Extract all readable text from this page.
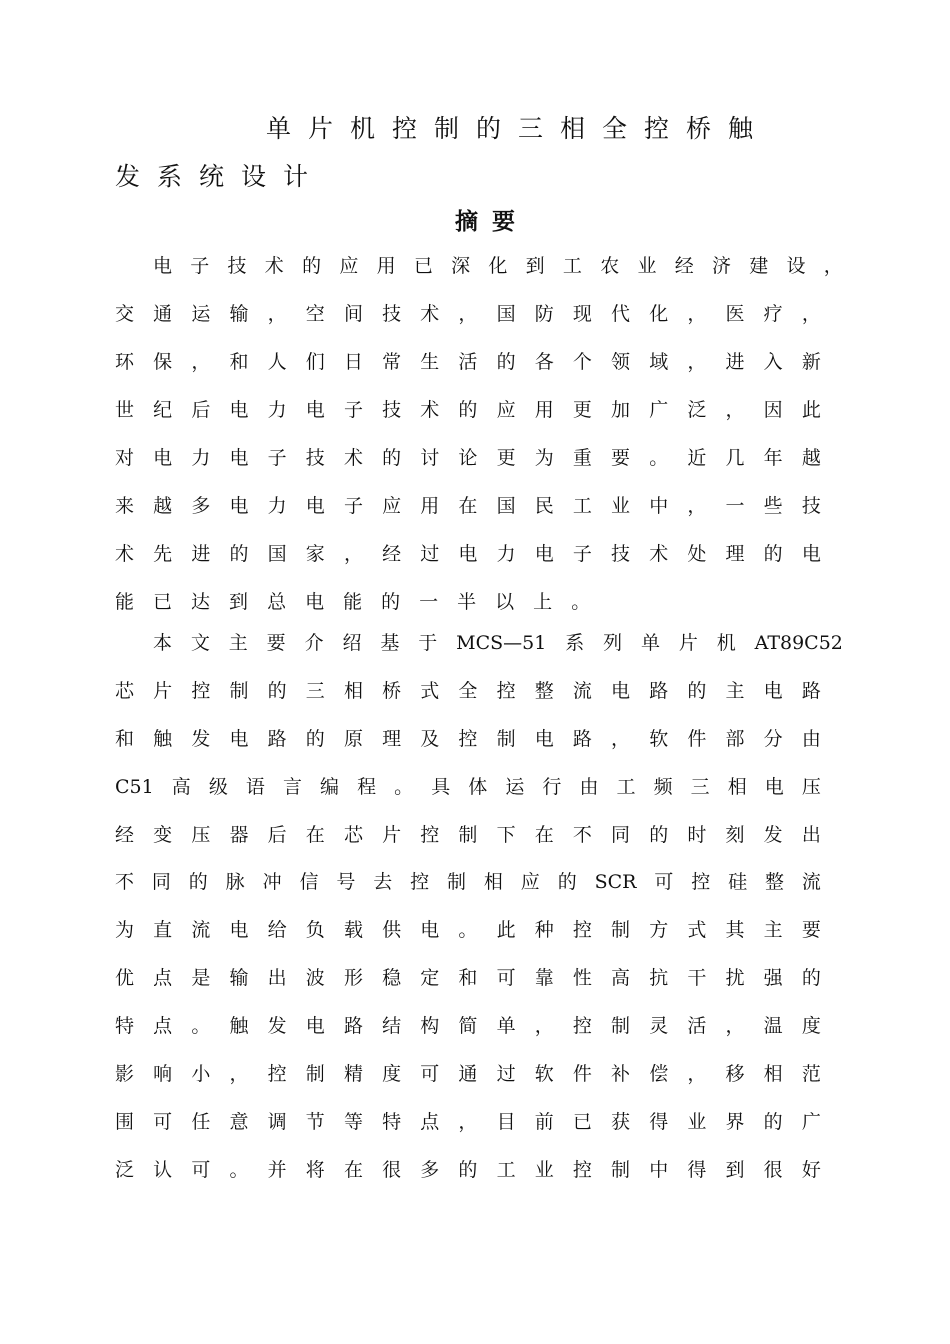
单片机控制的三相全控桥触
发系统设计
摘要
电 子 技 术 的 应 用 已 深 化 到 工 农 业 经 济 建 设 ，
交 通 运 输 ， 空 间 技 术 ， 国 防 现 代 化 ， 医 疗 ，
环 保 ， 和 人 们 日 常 生 活 的 各 个 领 域 ， 进 入 新
世 纪 后 电 力 电 子 技 术 的 应 用 更 加 广 泛 ， 因 此
对 电 力 电 子 技 术 的 讨 论 更 为 重 要 。 近 几 年 越
来 越 多 电 力 电 子 应 用 在 国 民 工 业 中 ， 一 些 技
术 先 进 的 国 家 ， 经 过 电 力 电 子 技 术 处 理 的 电
能 已 达 到 总 电 能 的 一 半 以 上 。
本 文 主 要 介 绍 基 于 MCS—51 系 列 单 片 机 AT89C52
芯 片 控 制 的 三 相 桥 式 全 控 整 流 电 路 的 主 电 路
和 触 发 电 路 的 原 理 及 控 制 电 路 ， 软 件 部 分 由
C51 高 级 语 言 编 程 。 具 体 运 行 由 工 频 三 相 电 压
经 变 压 器 后 在 芯 片 控 制 下 在 不 同 的 时 刻 发 出
不 同 的 脉 冲 信 号 去 控 制 相 应 的 SCR 可 控 硅 整 流
为 直 流 电 给 负 载 供 电 。 此 种 控 制 方 式 其 主 要
优 点 是 输 出 波 形 稳 定 和 可 靠 性 高 抗 干 扰 强 的
特 点 。 触 发 电 路 结 构 简 单 ， 控 制 灵 活 ， 温 度
影 响 小 ， 控 制 精 度 可 通 过 软 件 补 偿 ， 移 相 范
围 可 任 意 调 节 等 特 点 ， 目 前 已 获 得 业 界 的 广
泛 认 可 。 并 将 在 很 多 的 工 业 控 制 中 得 到 很 好
